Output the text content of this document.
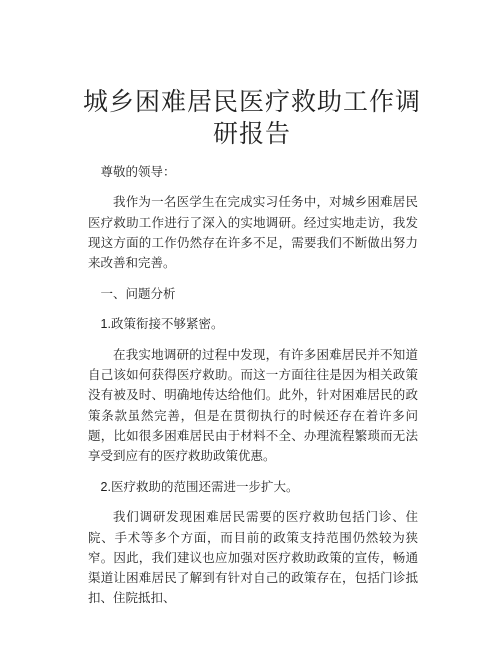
城乡困难居民医疗救助工作调研报告

尊敬的领导：

我作为一名医学生在完成实习任务中，对城乡困难居民医疗救助工作进行了深入的实地调研。经过实地走访，我发现这方面的工作仍然存在许多不足，需要我们不断做出努力来改善和完善。

一、问题分析

1.政策衔接不够紧密。

在我实地调研的过程中发现，有许多困难居民并不知道自己该如何获得医疗救助。而这一方面往往是因为相关政策没有被及时、明确地传达给他们。此外，针对困难居民的政策条款虽然完善，但是在贯彻执行的时候还存在着许多问题，比如很多困难居民由于材料不全、办理流程繁琐而无法享受到应有的医疗救助政策优惠。

2.医疗救助的范围还需进一步扩大。

我们调研发现困难居民需要的医疗救助包括门诊、住院、手术等多个方面，而目前的政策支持范围仍然较为狭窄。因此，我们建议也应加强对医疗救助政策的宣传，畅通渠道让困难居民了解到有针对自己的政策存在，包括门诊抵扣、住院抵扣、
